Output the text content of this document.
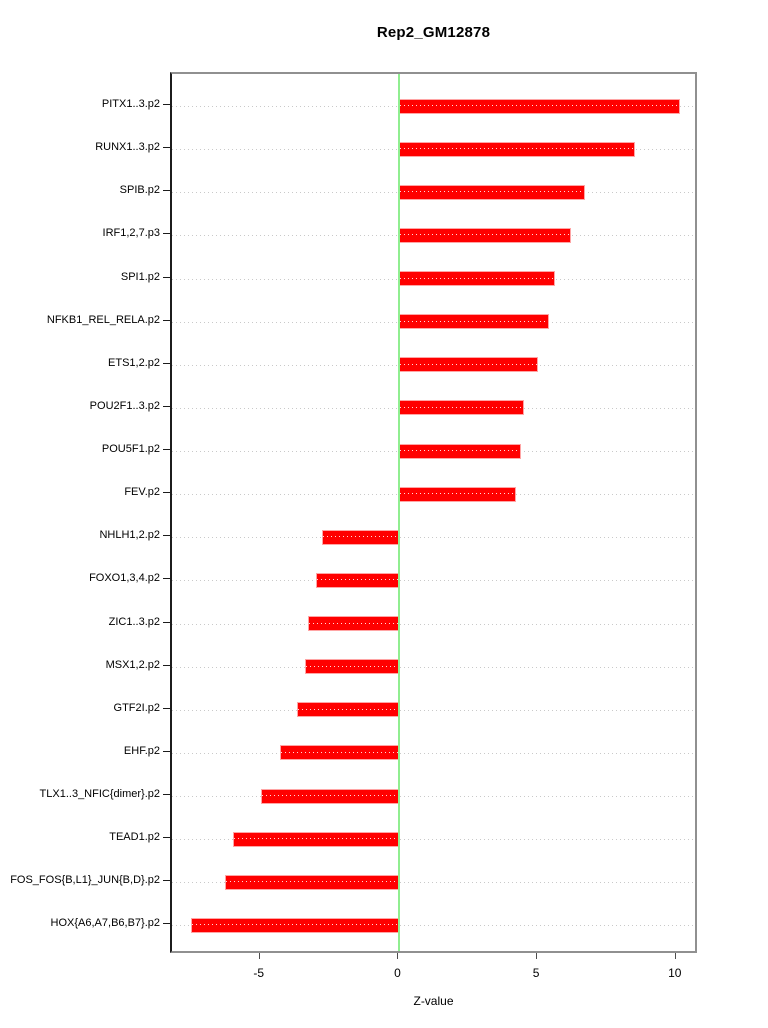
Rep2_GM12878
Z-value
PITX1..3.p2
RUNX1..3.p2
SPIB.p2
IRF1,2,7.p3
SPI1.p2
NFKB1_REL_RELA.p2
ETS1,2.p2
POU2F1..3.p2
POU5F1.p2
FEV.p2
NHLH1,2.p2
FOXO1,3,4.p2
ZIC1..3.p2
MSX1,2.p2
GTF2I.p2
EHF.p2
TLX1..3_NFIC{dimer}.p2
TEAD1.p2
FOS_FOS{B,L1}_JUN{B,D}.p2
HOX{A6,A7,B6,B7}.p2
-5	0	5	10
